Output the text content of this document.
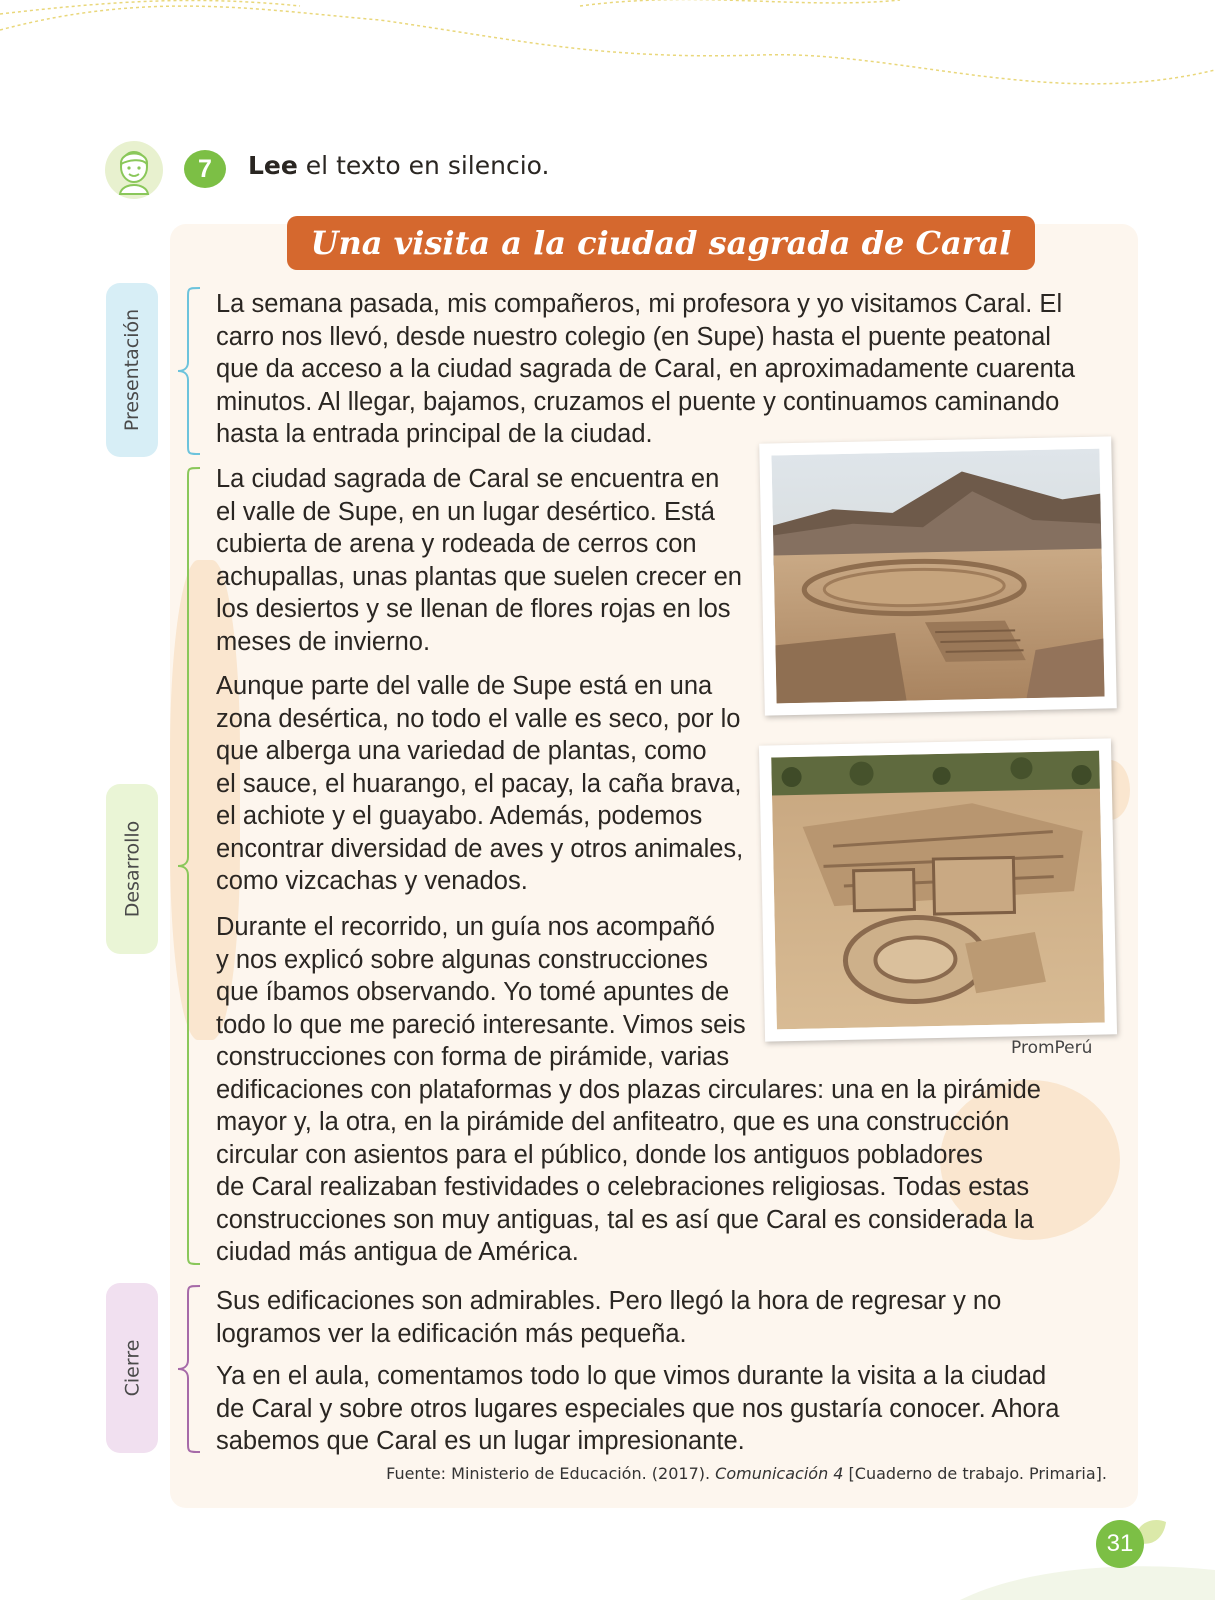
7	Lee el texto en silencio.
Una visita a la ciudad sagrada de Caral
Presentación
Desarrollo
Cierre
La semana pasada, mis compañeros, mi profesora y yo visitamos Caral. El
carro nos llevó, desde nuestro colegio (en Supe) hasta el puente peatonal
que da acceso a la ciudad sagrada de Caral, en aproximadamente cuarenta
minutos. Al llegar, bajamos, cruzamos el puente y continuamos caminando
hasta la entrada principal de la ciudad.
La ciudad sagrada de Caral se encuentra en
el valle de Supe, en un lugar desértico. Está
cubierta de arena y rodeada de cerros con
achupallas, unas plantas que suelen crecer en
los desiertos y se llenan de flores rojas en los
meses de invierno.
Aunque parte del valle de Supe está en una
zona desértica, no todo el valle es seco, por lo
que alberga una variedad de plantas, como
el sauce, el huarango, el pacay, la caña brava,
el achiote y el guayabo. Además, podemos
encontrar diversidad de aves y otros animales,
como vizcachas y venados.
Durante el recorrido, un guía nos acompañó
y nos explicó sobre algunas construcciones
que íbamos observando. Yo tomé apuntes de
todo lo que me pareció interesante. Vimos seis
construcciones con forma de pirámide, varias
edificaciones con plataformas y dos plazas circulares: una en la pirámide
mayor y, la otra, en la pirámide del anfiteatro, que es una construcción
circular con asientos para el público, donde los antiguos pobladores
de Caral realizaban festividades o celebraciones religiosas. Todas estas
construcciones son muy antiguas, tal es así que Caral es considerada la
ciudad más antigua de América.
Sus edificaciones son admirables. Pero llegó la hora de regresar y no
logramos ver la edificación más pequeña.
Ya en el aula, comentamos todo lo que vimos durante la visita a la ciudad
de Caral y sobre otros lugares especiales que nos gustaría conocer. Ahora
sabemos que Caral es un lugar impresionante.
PromPerú
Fuente: Ministerio de Educación. (2017). Comunicación 4 [Cuaderno de trabajo. Primaria].
31
